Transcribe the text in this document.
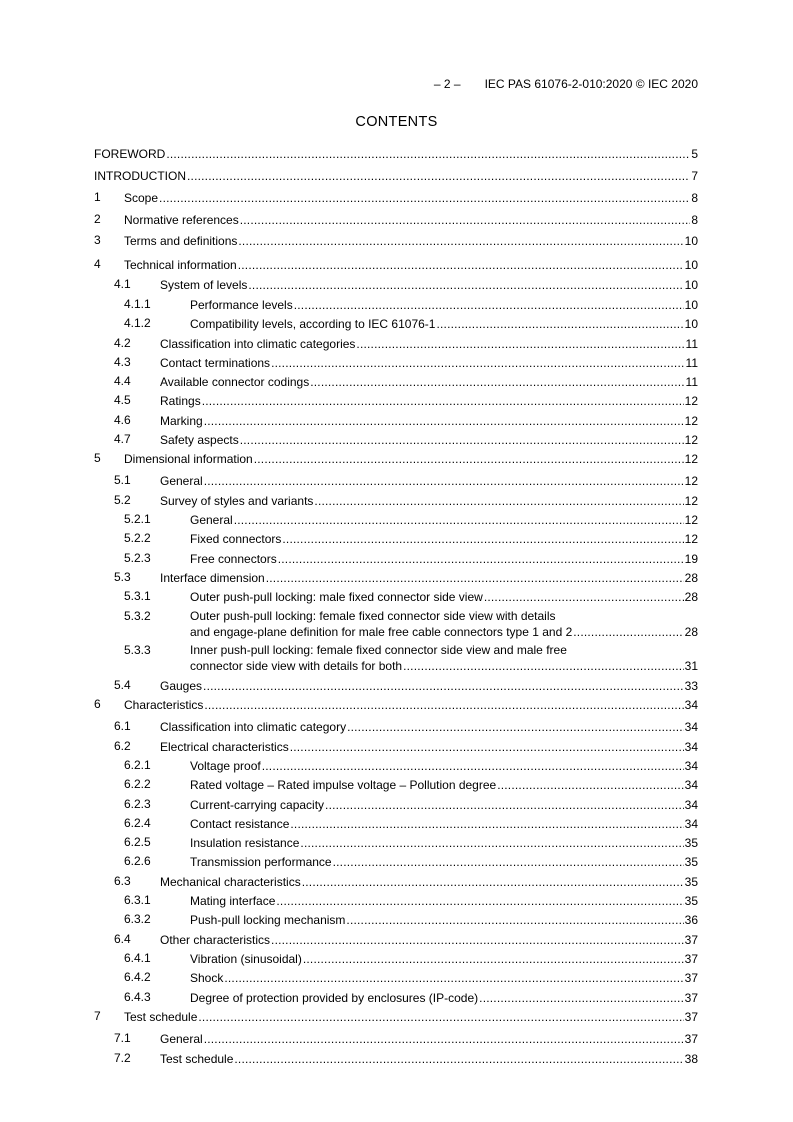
– 2 – IEC PAS 61076-2-010:2020 © IEC 2020
CONTENTS
FOREWORD .....	5
INTRODUCTION .....	7
1 Scope .....	8
2 Normative references .....	8
3 Terms and definitions .....	10
4 Technical information .....	10
4.1 System of levels .....	10
4.1.1	Performance levels .....	10
4.1.2	Compatibility levels, according to IEC 61076-1 .....	10
4.2 Classification into climatic categories .....	11
4.3 Contact terminations .....	11
4.4 Available connector codings .....	11
4.5 Ratings .....	12
4.6 Marking .....	12
4.7 Safety aspects .....	12
5 Dimensional information .....	12
5.1 General .....	12
5.2 Survey of styles and variants .....	12
5.2.1	General .....	12
5.2.2	Fixed connectors .....	12
5.2.3	Free connectors .....	19
5.3 Interface dimension .....	28
5.3.1	Outer push-pull locking: male fixed connector side view .....	28
5.3.2	Outer push-pull locking: female fixed connector side view with details
and engage-plane definition for male free cable connectors type 1 and 2 .....	28
5.3.3	Inner push-pull locking: female fixed connector side view and male free
connector side view with details for both .....	31
5.4 Gauges .....	33
6 Characteristics .....	34
6.1 Classification into climatic category .....	34
6.2 Electrical characteristics .....	34
6.2.1	Voltage proof .....	34
6.2.2	Rated voltage – Rated impulse voltage – Pollution degree .....	34
6.2.3	Current-carrying capacity .....	34
6.2.4	Contact resistance .....	34
6.2.5	Insulation resistance .....	35
6.2.6	Transmission performance .....	35
6.3 Mechanical characteristics .....	35
6.3.1	Mating interface .....	35
6.3.2	Push-pull locking mechanism .....	36
6.4 Other characteristics .....	37
6.4.1	Vibration (sinusoidal) .....	37
6.4.2	Shock .....	37
6.4.3	Degree of protection provided by enclosures (IP-code) .....	37
7 Test schedule .....	37
7.1 General .....	37
7.2 Test schedule .....	38
